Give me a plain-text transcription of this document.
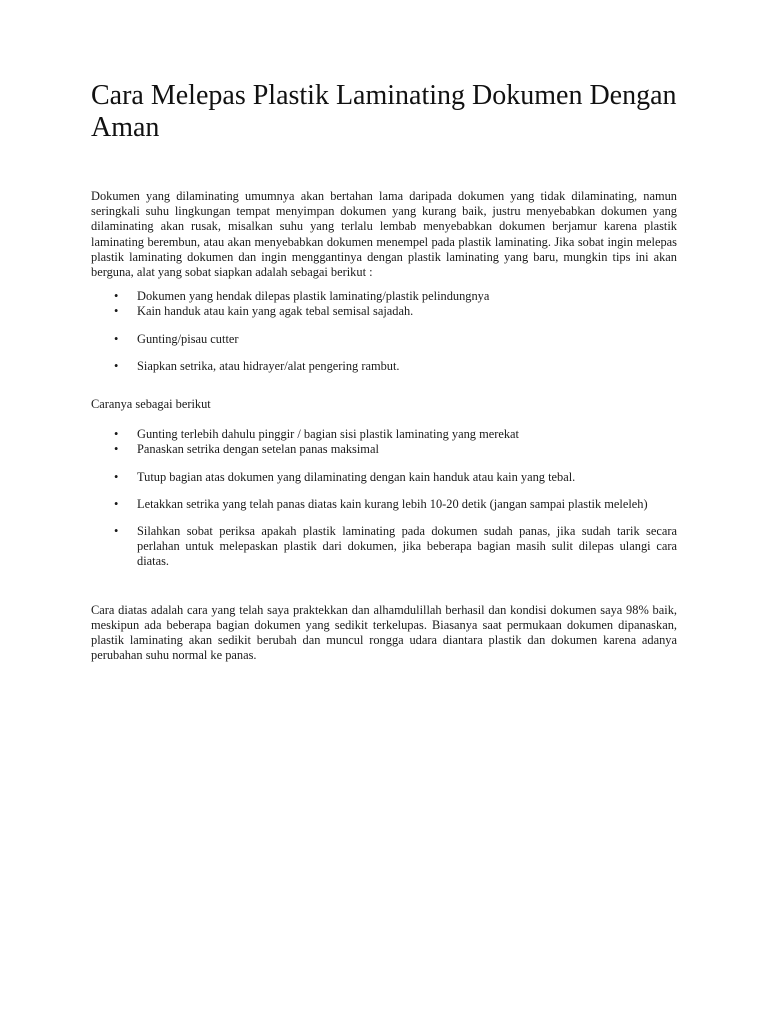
Cara Melepas Plastik Laminating Dokumen Dengan Aman

Dokumen yang dilaminating umumnya akan bertahan lama daripada dokumen yang tidak dilaminating, namun seringkali suhu lingkungan tempat menyimpan dokumen yang kurang baik, justru menyebabkan dokumen yang dilaminating akan rusak, misalkan suhu yang terlalu lembab menyebabkan dokumen berjamur karena plastik laminating berembun, atau akan menyebabkan dokumen menempel pada plastik laminating. Jika sobat ingin melepas plastik laminating dokumen dan ingin menggantinya dengan plastik laminating yang baru, mungkin tips ini akan berguna, alat yang sobat siapkan adalah sebagai berikut :

• Dokumen yang hendak dilepas plastik laminating/plastik pelindungnya
• Kain handuk atau kain yang agak tebal semisal sajadah.
• Gunting/pisau cutter
• Siapkan setrika, atau hidrayer/alat pengering rambut.

Caranya sebagai berikut

• Gunting terlebih dahulu pinggir / bagian sisi plastik laminating yang merekat
• Panaskan setrika dengan setelan panas maksimal
• Tutup bagian atas dokumen yang dilaminating dengan kain handuk atau kain yang tebal.
• Letakkan setrika yang telah panas diatas kain kurang lebih 10-20 detik (jangan sampai plastik meleleh)
• Silahkan sobat periksa apakah plastik laminating pada dokumen sudah panas, jika sudah tarik secara perlahan untuk melepaskan plastik dari dokumen, jika beberapa bagian masih sulit dilepas ulangi cara diatas.

Cara diatas adalah cara yang telah saya praktekkan dan alhamdulillah berhasil dan kondisi dokumen saya 98% baik, meskipun ada beberapa bagian dokumen yang sedikit terkelupas. Biasanya saat permukaan dokumen dipanaskan, plastik laminating akan sedikit berubah dan muncul rongga udara diantara plastik dan dokumen karena adanya perubahan suhu normal ke panas.
